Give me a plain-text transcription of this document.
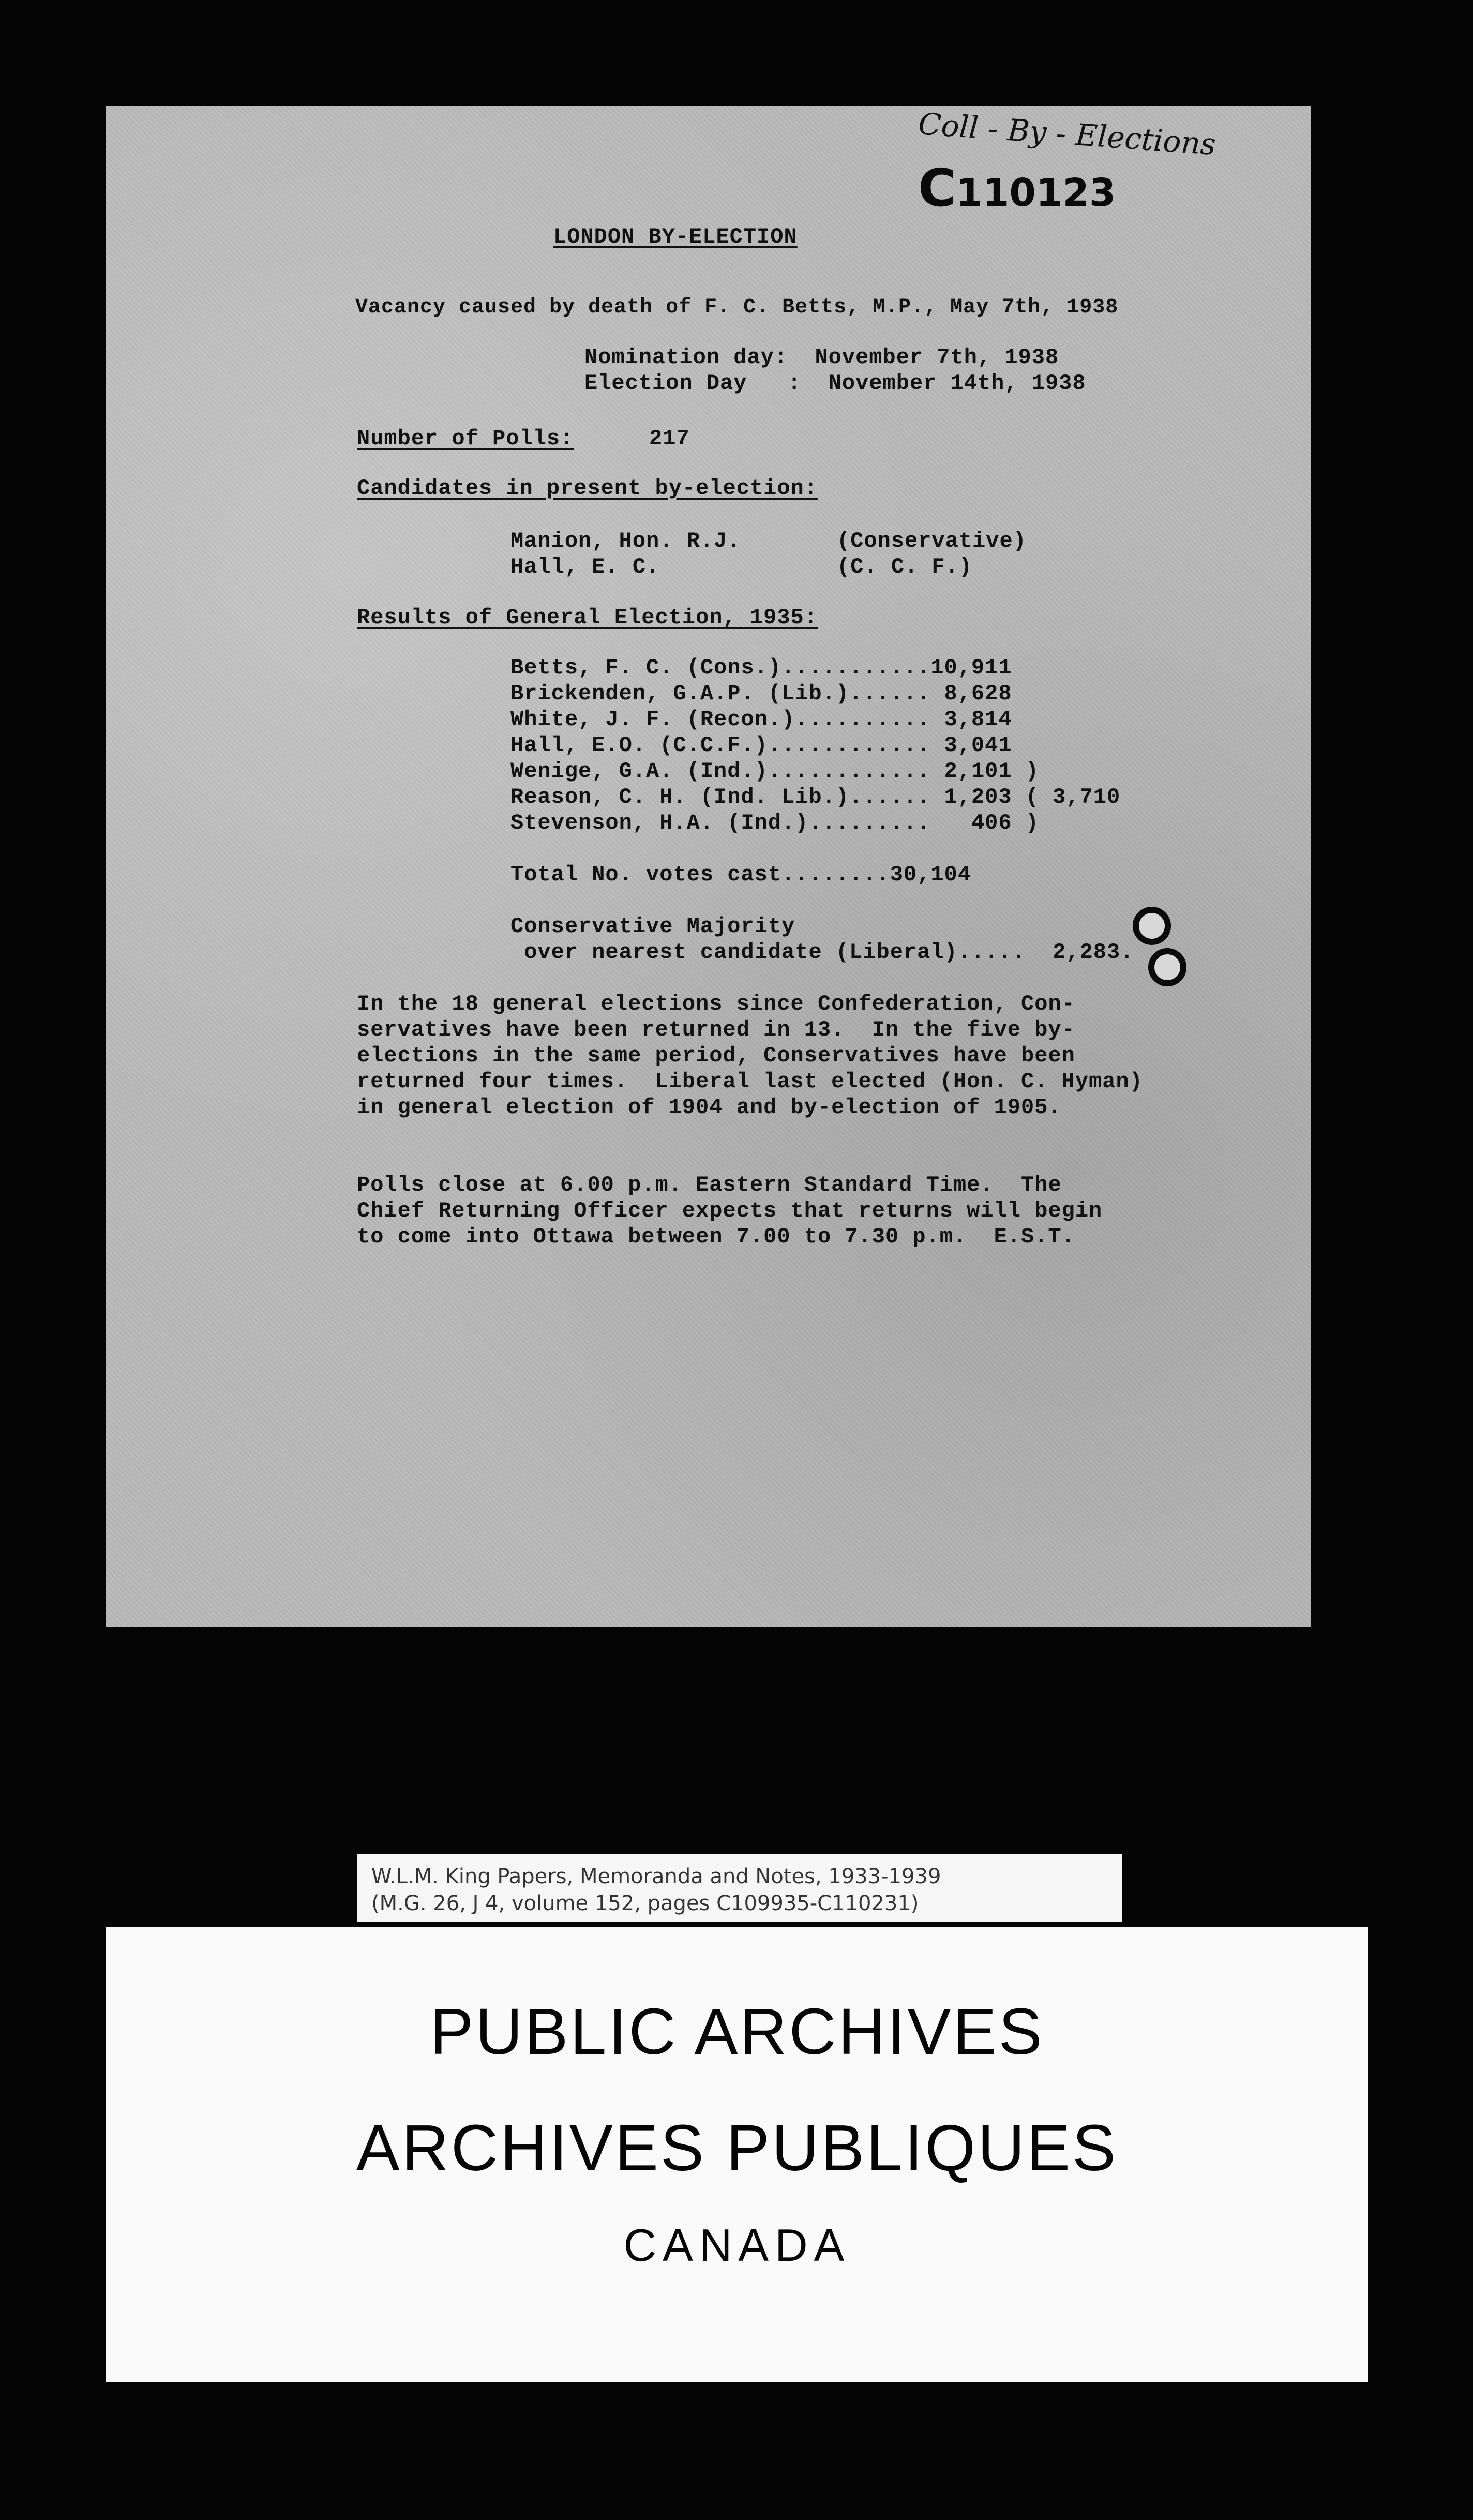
Coll - By - Elections
C110123
LONDON BY-ELECTION
Vacancy caused by death of F. C. Betts, M.P., May 7th, 1938
Nomination day:  November 7th, 1938
Election Day   :  November 14th, 1938
Number of Polls:	217
Candidates in present by-election:
Manion, Hon. R.J.	(Conservative)
Hall, E. C.	(C. C. F.)
Results of General Election, 1935:
Betts, F. C. (Cons.)...........10,911
Brickenden, G.A.P. (Lib.)...... 8,628
White, J. F. (Recon.).......... 3,814
Hall, E.O. (C.C.F.)............ 3,041
Wenige, G.A. (Ind.)............ 2,101 )
Reason, C. H. (Ind. Lib.)...... 1,203 ( 3,710
Stevenson, H.A. (Ind.).........   406 )
Total No. votes cast........30,104
Conservative Majority
over nearest candidate (Liberal).....  2,283.
In the 18 general elections since Confederation, Con-
servatives have been returned in 13.  In the five by-
elections in the same period, Conservatives have been
returned four times.  Liberal last elected (Hon. C. Hyman)
in general election of 1904 and by-election of 1905.
Polls close at 6.00 p.m. Eastern Standard Time.  The
Chief Returning Officer expects that returns will begin
to come into Ottawa between 7.00 to 7.30 p.m.  E.S.T.
W.L.M. King Papers, Memoranda and Notes, 1933-1939
(M.G. 26, J 4, volume 152, pages C109935-C110231)
PUBLIC ARCHIVES
ARCHIVES PUBLIQUES
CANADA
